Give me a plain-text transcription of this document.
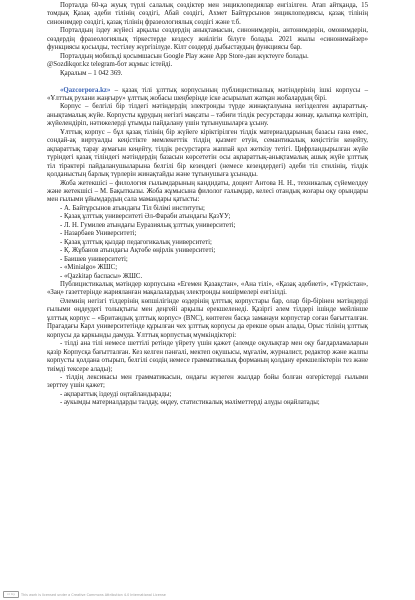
Порталда 60-қа жуық түрлі салалық сөздіктер мен энциклопедиялар енгізілген. Атап айтқанда, 15 томдық Қазақ әдеби тілінің сөздігі, Абай сөздігі, Ахмет Байтұрсынов энциклопедиясы, қазақ тілінің синонимдер сөздігі, қазақ тілінің фразеологиялық сөздігі және т.б.

Порталдың іздеу жүйесі арқылы сөздердің анықтамасын, синонимдерін, антонимдерін, омонимдерін, сөздердің фразеологиялық тіркестерде кездесу жиілігін білуге болады. 2021 жылы «синонимайзер» функциясы қосылды, тестілеу жүргізілуде. Кілт сөздерді дыбыстаудың функциясы бар.

Порталдың мобильді қосымшасын Google Play және App Store-дан жүктеуге болады.

@Sozdikqor.kz telegram-бот жұмыс істейді.

Қаралым – 1 042 369.

«Qazcorpora.kz» – қазақ тілі ұлттық корпусының публицистикалық мәтіндерінің ішкі корпусы – «Ұлттық рухани жаңғыру» ұлттық жобасы шеңберінде іске асырылып жатқан жобалардың бірі.

Корпус – белгілі бір тілдегі мәтіндердің электронды түрде жинақталуына негізделген ақпараттық-анықтамалық жүйе. Корпусты құрудың негізгі мақсаты – тәбиғи тілдік ресурстарды жинау, қалыпқа келтіріп, жүйелендіріп, нәтижелерді ұтымды пайдалану үшін тұтынушыларға ұсыну.

Ұлттық корпус – бұл қазақ тілінің бір жүйеге кіріктірілген тілдік материалдарының базасы ғана емес, сондай-ақ виртуалды кеңістікте мемлекеттік тілдің қызмет етуін, семантикалық кеңістігін кеңейту, ақпараттық тарау аумағын кеңейту, тілдік ресурстарға жаппай қол жеткізу тетігі. Цифрландырылған жүйе түріндегі қазақ тіліндегі мәтіндердің базасын көрсететін осы ақпараттық-анықтамалық ашық жүйе ұлттық тіл тірәктері пайдаланушыларына белгілі бір кезеңдегі (немесе кезеңдердегі) әдеби тіл стилінің, тілдік қолданыстың барлық түрлерін жинақтайды және тұтынушыға ұсынады.

Жоба жетекшісі – филология ғылымдарының кандидаты, доцент Антова Н. Н., техникалық сүйемелдеу және жетекшісі – М. Бақыткызы. Жоба жұмысына филолог ғалымдар, келесі отандық жоғары оқу орындары мен ғылыми ұйымдардың сала мамандары қатысты:

- А. Байтұрсынов атындағы Тіл білімі институты;

- Қазақ ұлттық университеті Әл-Фараби атындағы ҚазҰУ;

- Л. Н. Гумилев атындағы Еуразиялық ұлттық университеті;

- Назарбаев Университеті;

- Қазақ ұлттық қыздар педагогикалық университеті;

- Қ. Жұбанов атындағы Ақтөбе өңірлік университеті;

- Баишев университеті;

- «Minialgo» ЖШС;

- «Qazkitap баспасы» ЖШС.

Публицистикалық мәтіндер корпусына «Егемен Қазақстан», «Ана тілі», «Қазақ әдебиеті», «Түркістан», «Заң» газеттерінде жарияланған мақалалардың электронды көшірмелері енгізілді.

Әлемнің негізгі тілдерінің көпшілігінде өздерінің ұлттық корпустары бар, олар бір-бірінен мәтіндерді ғылыми өңдеудегі толықтығы мен деңгейі арқылы ерекшеленеді. Қазіргі әлем тілдері ішінде мейлінше ұлттық корпус – «Британдық ұлттық корпус» (BNC), көптеген басқа заманауи корпустар соған бағытталған. Прагадағы Карл университетінде құрылған чех ұлттық корпусы да ерекше орын алады, Орыс тілінің ұлттық корпусы да қаркынды дамуда. Ұлттық корпустың мүмкіндіктері:

- тілді ана тілі немесе шеттілі ретінде үйрету үшін қажет (әлемде оқулықтар мен оқу бағдарламаларын қазір Корпусқа бағытталған. Кез келген пәнғалі, мектеп оқушысы, мұғалім, журналист, редактор және жалпы корпусты қолдана отырып, белгілі сөздің немесе грамматикалық форманың қолдану ерекшеліктерін тез және тиімді тексере алады);

- тілдің лексикасы мен грамматикасын, ондағы жүзеген жылдар бойы болған өзгерістерді ғылыми зерттеу үшін қажет;

- ақпараттық іздеуді оңтайландырады;

- аукымды материалдарды талдау, өңдеу, статистикалық мәліметтерді алуды оңайлатады;

cc by	This work is licensed under a Creative Commons Attribution 4.0 International License
